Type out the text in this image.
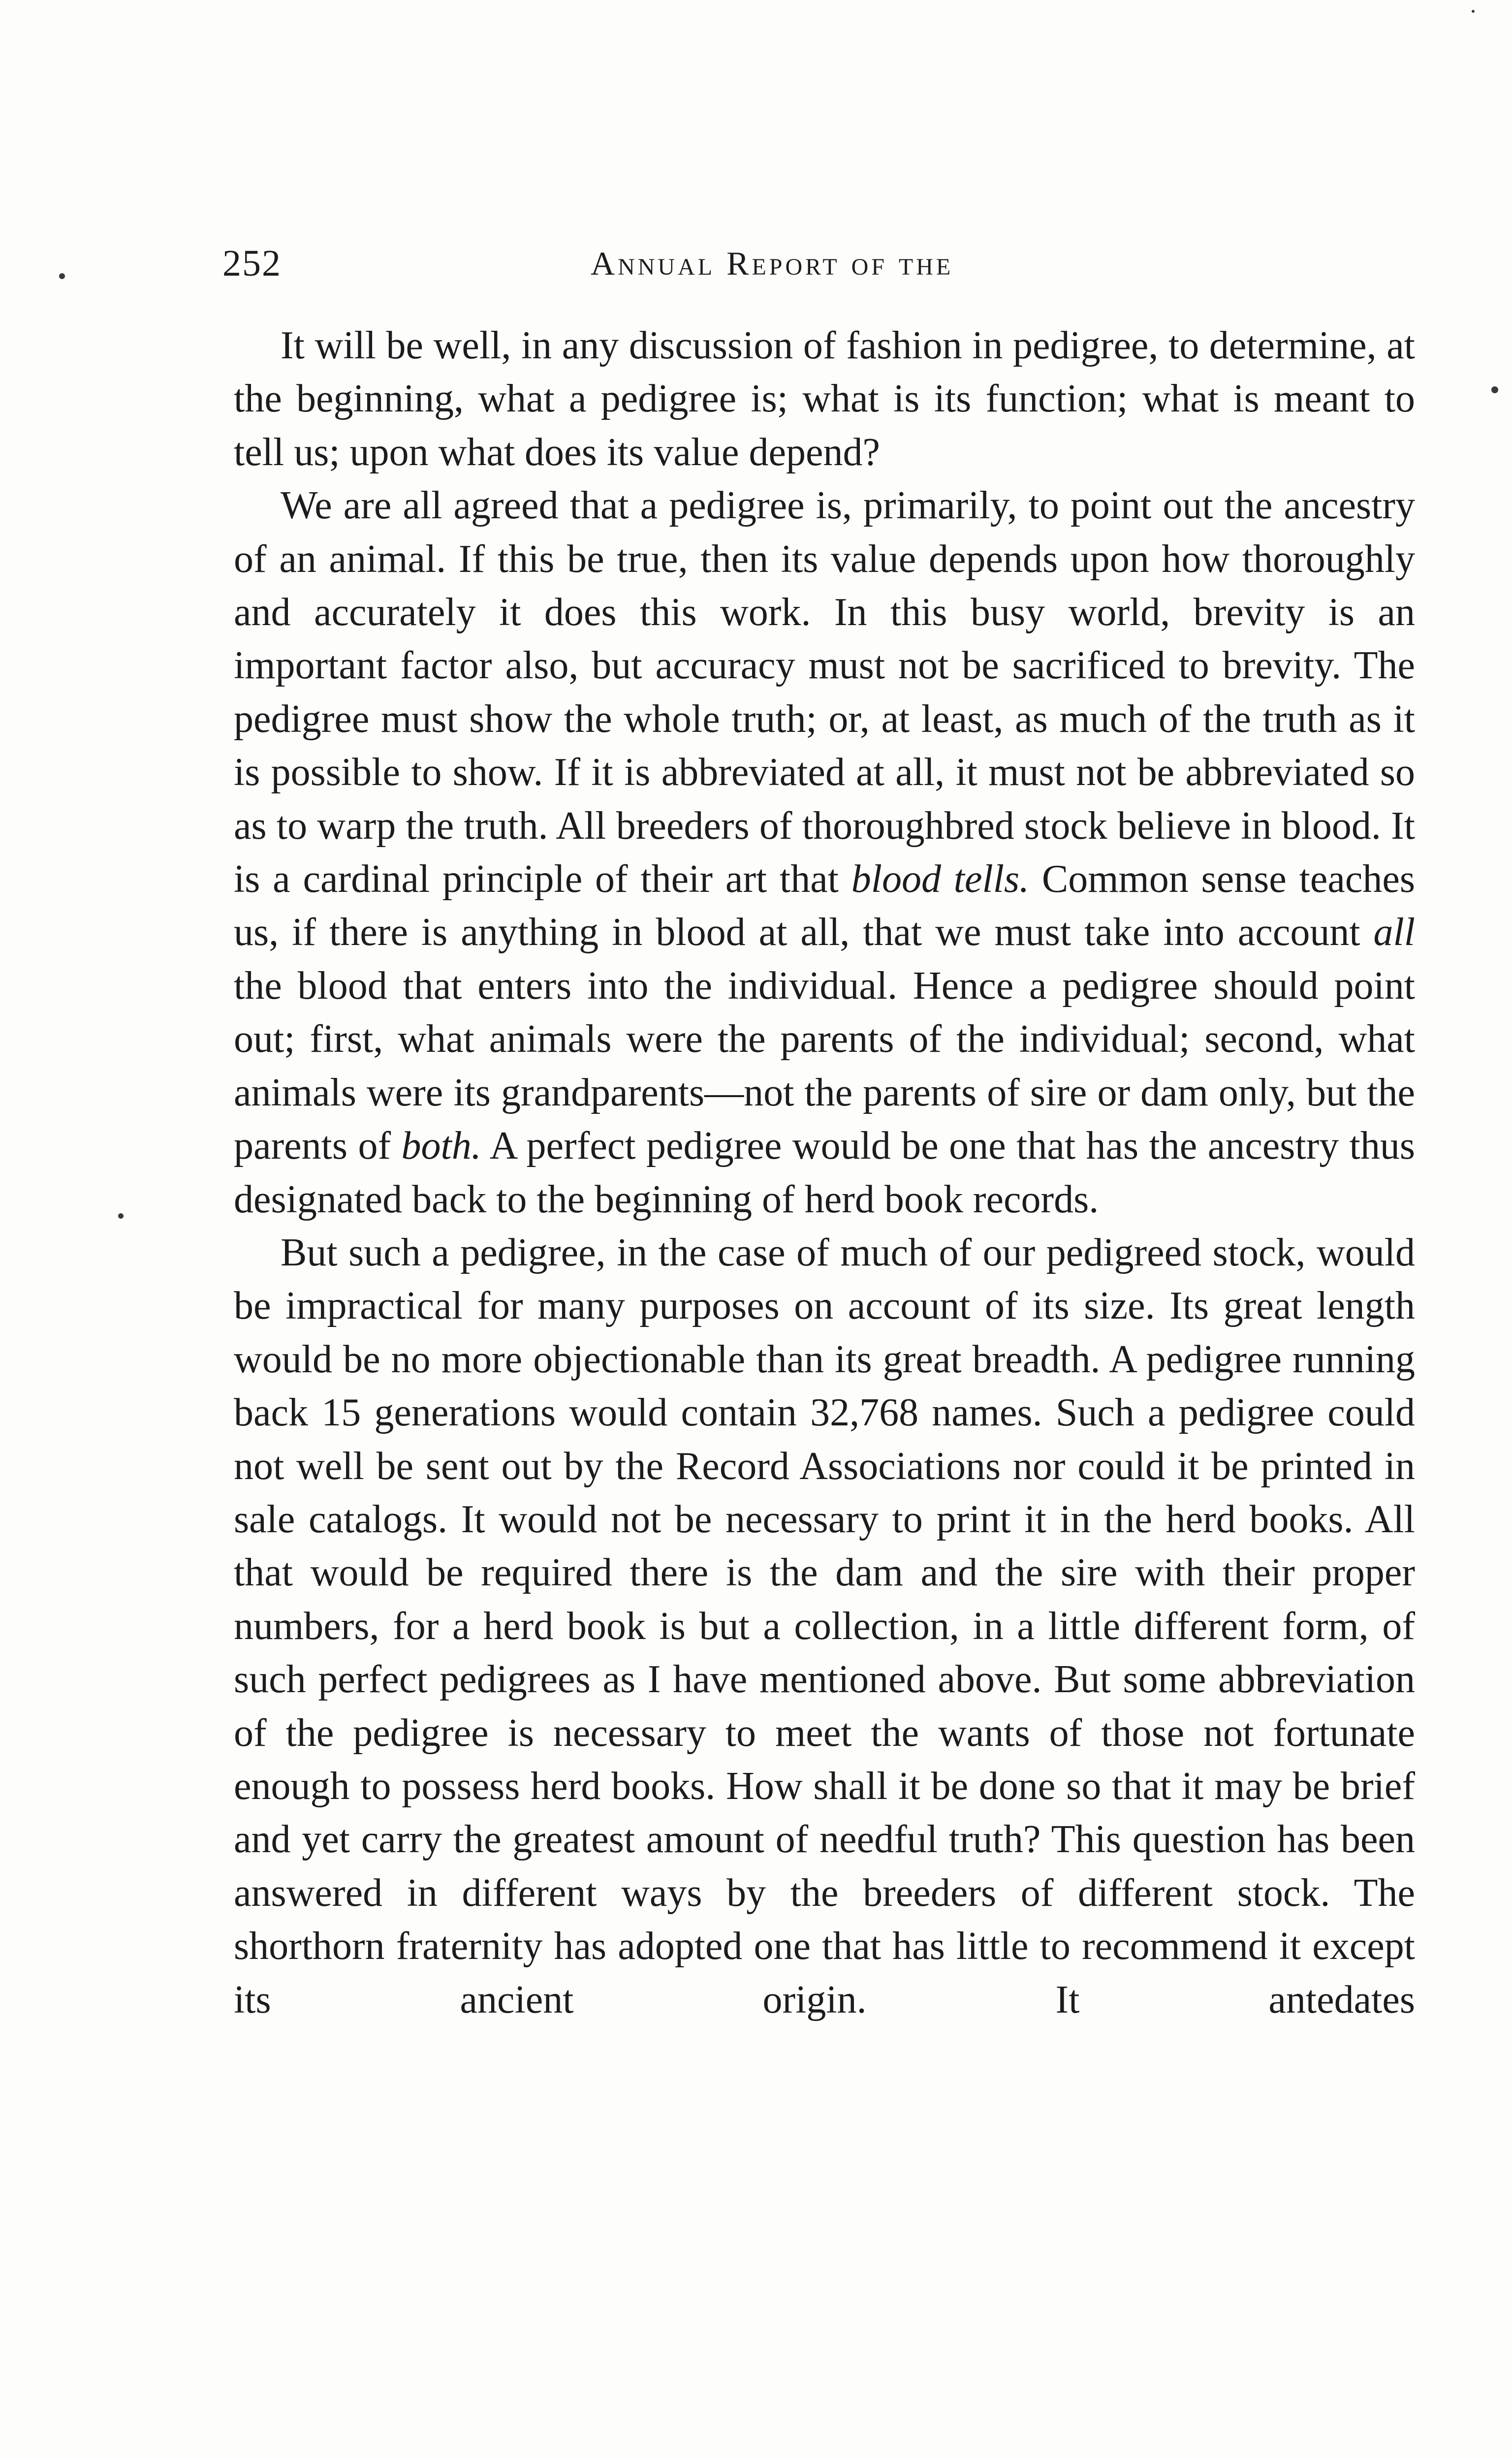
252	Annual Report of the

It will be well, in any discussion of fashion in pedigree, to determine, at the beginning, what a pedigree is; what is its function; what is meant to tell us; upon what does its value depend?

We are all agreed that a pedigree is, primarily, to point out the ancestry of an animal. If this be true, then its value depends upon how thoroughly and accurately it does this work. In this busy world, brevity is an important factor also, but accuracy must not be sacrificed to brevity. The pedigree must show the whole truth; or, at least, as much of the truth as it is possible to show. If it is abbreviated at all, it must not be abbreviated so as to warp the truth. All breeders of thoroughbred stock believe in blood. It is a cardinal principle of their art that blood tells. Common sense teaches us, if there is anything in blood at all, that we must take into account all the blood that enters into the individual. Hence a pedigree should point out; first, what animals were the parents of the individual; second, what animals were its grandparents—not the parents of sire or dam only, but the parents of both. A perfect pedigree would be one that has the ancestry thus designated back to the beginning of herd book records.

But such a pedigree, in the case of much of our pedigreed stock, would be impractical for many purposes on account of its size. Its great length would be no more objectionable than its great breadth. A pedigree running back 15 generations would contain 32,768 names. Such a pedigree could not well be sent out by the Record Associations nor could it be printed in sale catalogs. It would not be necessary to print it in the herd books. All that would be required there is the dam and the sire with their proper numbers, for a herd book is but a collection, in a little different form, of such perfect pedigrees as I have mentioned above. But some abbreviation of the pedigree is necessary to meet the wants of those not fortunate enough to possess herd books. How shall it be done so that it may be brief and yet carry the greatest amount of needful truth? This question has been answered in different ways by the breeders of different stock. The shorthorn fraternity has adopted one that has little to recommend it except its ancient origin. It antedates
